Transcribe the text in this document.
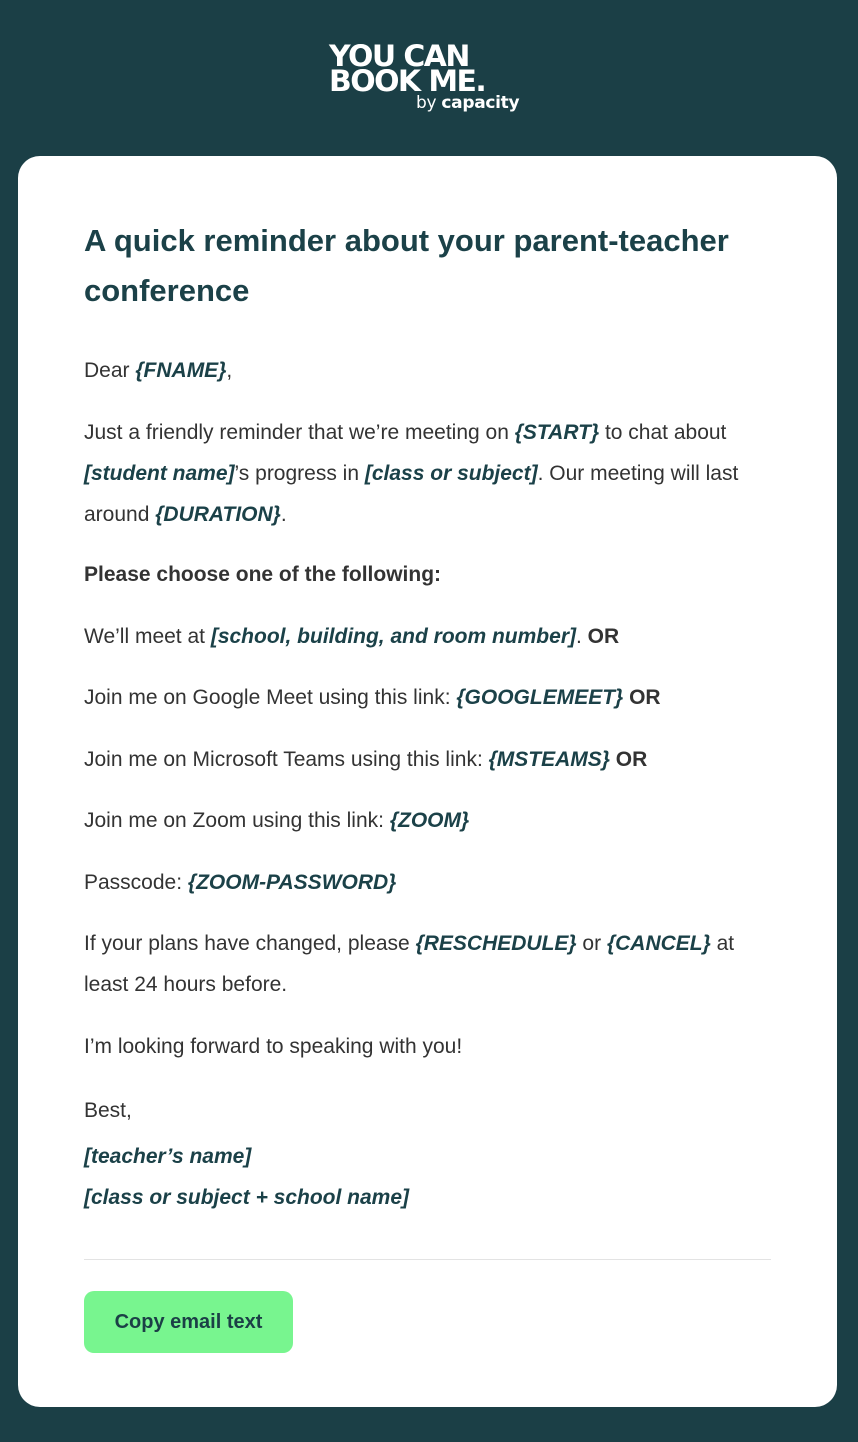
YOU CAN
BOOK ME.
by capacity
A quick reminder about your parent-teacher conference

Dear {FNAME},

Just a friendly reminder that we’re meeting on {START} to chat about [student name]’s progress in [class or subject]. Our meeting will last around {DURATION}.

Please choose one of the following:

We’ll meet at [school, building, and room number]. OR

Join me on Google Meet using this link: {GOOGLEMEET} OR

Join me on Microsoft Teams using this link: {MSTEAMS} OR

Join me on Zoom using this link: {ZOOM}

Passcode: {ZOOM-PASSWORD}

If your plans have changed, please {RESCHEDULE} or {CANCEL} at least 24 hours before.

I’m looking forward to speaking with you!

Best,

[teacher’s name]

[class or subject + school name]

Copy email text
